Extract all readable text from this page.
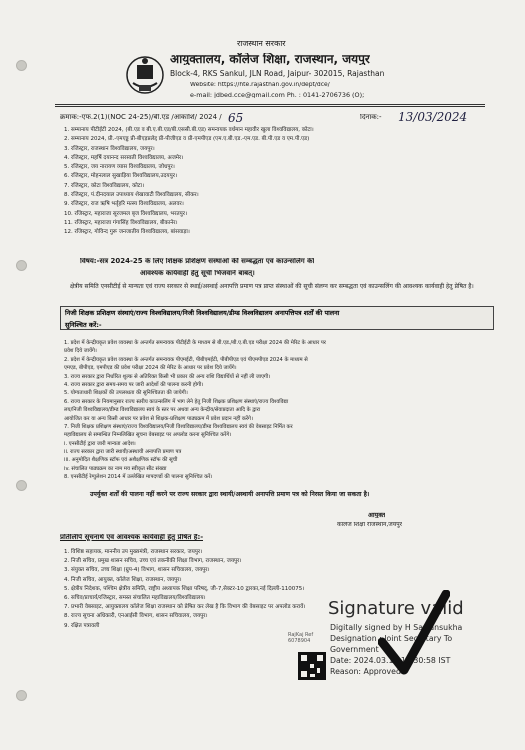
राजस्थान सरकार
आयुक्तालय, कॉलेज शिक्षा, राजस्थान, जयपुर
Block-4, RKS Sankul, JLN Road, Jaipur- 302015, Rajasthan
Website: https://hte.rajasthan.gov.in/dept/dce/
e-mail: jdbed.cce@gmail.com Ph. : 0141-2706736 (O);
क्रमांक:-एफ.2(1)(NOC 24-25)/बी.एड /आकाशि/ 2024 / 65	दिनांक:- 13/03/2024
1. सम्मानाय पीटीईटी 2024, (बी.एड व बी.ए.बी.एड/बी.एससी.बी.एड) समन्वयक वर्धमान महावीर खुला विश्वविद्यालय, कोटा।
2. सम्मानाय 2024, प्री.-एमएड्ड प्री-बीएड़प्रलेद्द प्री-पीजीएड व प्री-एमपीएड (एम.ए.बी.एड.-एम.एड. बी.पी.एड व एम.पी.एड)
3. रजिस्ट्रार, राजस्थान विश्वविद्यालय, जयपुर।
4. रजिस्ट्रार, महर्षि दयानन्द सरस्वती विश्वविद्यालय, अजमेर।
5. रजिस्ट्रार, जय नारायण व्यास विश्वविद्यालय, जोधपुर।
6. रजिस्ट्रार, मोहनलाल सुखाड़िया विश्वविद्यालय,उदयपुर।
7. रजिस्ट्रार, कोटा विश्वविद्यालय, कोटा।
8. रजिस्ट्रार, पं.दीनदयाल उपाध्याय शेखावाटी विश्वविद्यालय, सीकर।
9. रजिस्ट्रार, राज ऋषि भर्तृहरि मत्स्य विश्वविद्यालय, अलवर।
10. रजिस्ट्रार, महाराजा सूरजमल बृज विश्वविद्यालय, भरतपुर।
11. रजिस्ट्रार, महाराजा गंगासिंह विश्वविद्यालय, बीकानेर।
12. रजिस्ट्रार, गोविन्द गुरू जनजातीय विश्वविद्यालय, बांसवाड़ा।
विषय:-सत्र 2024-25 के लिए शिक्षक प्रशिक्षण संस्थाओं की सम्बद्धता एवं काउन्सलिंग की
आवश्यक कार्यवाही हेतु सूची भिजवाने बाबत्।
क्षेत्रीय समिति एनसीटीई से मान्यता एवं राज्य सरकार से स्थाई/अस्थाई अनापत्ति प्रमाण पत्र प्राप्त संस्थाओं की सूची संलग्न कर सम्बद्धता एवं काउन्सलिंग की आवश्यक कार्यवाही हेतु प्रेषित है।
निजी शिक्षक प्रशिक्षण संस्थाएं/राज्य विश्वविद्यालय/निजी विश्वविद्यालय/डीम्ड विश्वविद्यालय अनापत्तिपत्र शर्तों की पालना
सुनिश्चित करें:-
1. प्रदेश में केन्द्रीयकृत प्रवेश व्यवस्था के अन्तर्गत समन्वयक पीटीईटी के माध्यम से बी.एड./बी.ए.बी.एड परीक्षा 2024 की मेरिट के आधार पर
प्रवेश दिये जायेंगे।
2. प्रदेश में केन्द्रीयकृत प्रवेश व्यवस्था के अन्तर्गत समन्वयक पीएमईटी, पीबीएमईटी, पीबीपीएड एवं पीएमपीएड 2024 के माध्यम से
एमएड, बीपीएड, एमपीएड की प्रवेश परीक्षा 2024 की मेरिट के आधार पर प्रवेश दिये जायेंगे।
3. राज्य सरकार द्वारा निर्धारित शुल्क से अतिरिक्त किसी भी प्रकार की अन्य राशि विद्यार्थियों से नहीं ली जाएगी।
4. राज्य सरकार द्वारा समय-समय पर जारी आदेशों की पालना करनी होगी।
5. योग्यताधारी शिक्षकों की उपलब्धता की सुनिश्चितता की जायेगी।
6. राज्य सरकार के नियमानुसार राज्य स्तरीय काउन्सलिंग में भाग लेने हेतु निजी शिक्षक प्रशिक्षण संस्थाएं/राज्य विश्वविद्या
लय/निजी विश्वविद्यालय/डीम्ड विश्वविद्यालय स्वयं के स्तर पर अथवा अन्य केन्द्रीय/सेवाप्रदाता आदि के द्वारा
आयोजित कर या अन्य किसी आधार पर प्रवेश से शिक्षक-प्रशिक्षण पाठ्यक्रम में प्रवेश प्रदान नहीं करेंगे।
7. निजी शिक्षक प्रशिक्षण संस्थाएं/राज्य विश्वविद्यालय/निजी विश्वविद्यालय/डीम्ड विश्वविद्यालय स्वयं की वेबसाइट निर्मित कर
महाविद्यालय से सम्बन्धित निम्नलिखित सूचना वेबसाइट पर अपलोड करना सुनिश्चित करेंगे।
i. एनसीटीई द्वारा जारी मान्यता आदेश।
ii. राज्य सरकार द्वारा जारी स्थायी/अस्थायी अनापत्ति प्रमाण पत्र
iii. अनुमोदित शैक्षणिक स्टॉफ एवं अशैक्षणिक स्टॉफ की सूची
iv. संचालित पाठ्यक्रम का नाम मय स्वीकृत सीट संख्या
8. एनसीटीई रेग्युलेशन 2014 में उल्लेखित मापदण्डों की पालना सुनिश्चित करें।
उपर्युक्त शर्तों की पालना नहीं करने पर राज्य सरकार द्वारा स्थायी/अस्थायी अनापत्ति प्रमाण पत्र को निरस्त किया जा सकता है।
आयुक्त
कॉलेज शिक्षा राजस्थान,जयपुर
प्रतिलिपि सूचनार्थ एवं आवश्यक कार्यवाही हेतु प्रेषित है:-
1. विशिष्ठ सहायक, माननीय उप मुख्यमंत्री, राजस्थान सरकार, जयपुर।
2. निजी सचिव, प्रमुख शासन सचिव, उच्च एवं तकनीकी शिक्षा विभाग, राजस्थान, जयपुर।
3. संयुक्त सचिव, उच्च शिक्षा (ग्रुप-4) विभाग, शासन सचिवालय, जयपुर।
4. निजी सचिव, आयुक्त, कॉलेज शिक्षा, राजस्थान, जयपुर।
5. क्षेत्रीय निदेशक, पश्चिम क्षेत्रीय समिति, राष्ट्रीय अध्यापक शिक्षा परिषद्, जी-7,सेक्टर-10 द्वारका,नई दिल्ली-110075।
6. सचिव/प्राचार्य/रजिस्ट्रार, समस्त संचालित महाविद्यालय/विश्वविद्यालय।
7. प्रभारी वेबसाइट, आयुक्तालय कॉलेज शिक्षा राजस्थान को प्रेषित कर लेख है कि विभाग की वेबसाइट पर अपलोड करावें।
8. राज्य सूचना अधिकारी, एनआईसी विभाग, शासन सचिवालय, जयपुर।
9. रक्षित पत्रावली
RajKaj Ref 6078904
Signature valid
Digitally signed by H Sawansukha
Designation : Joint Secretary To
Government
Date: 2024.03.13 16:30:58 IST
Reason: Approved
